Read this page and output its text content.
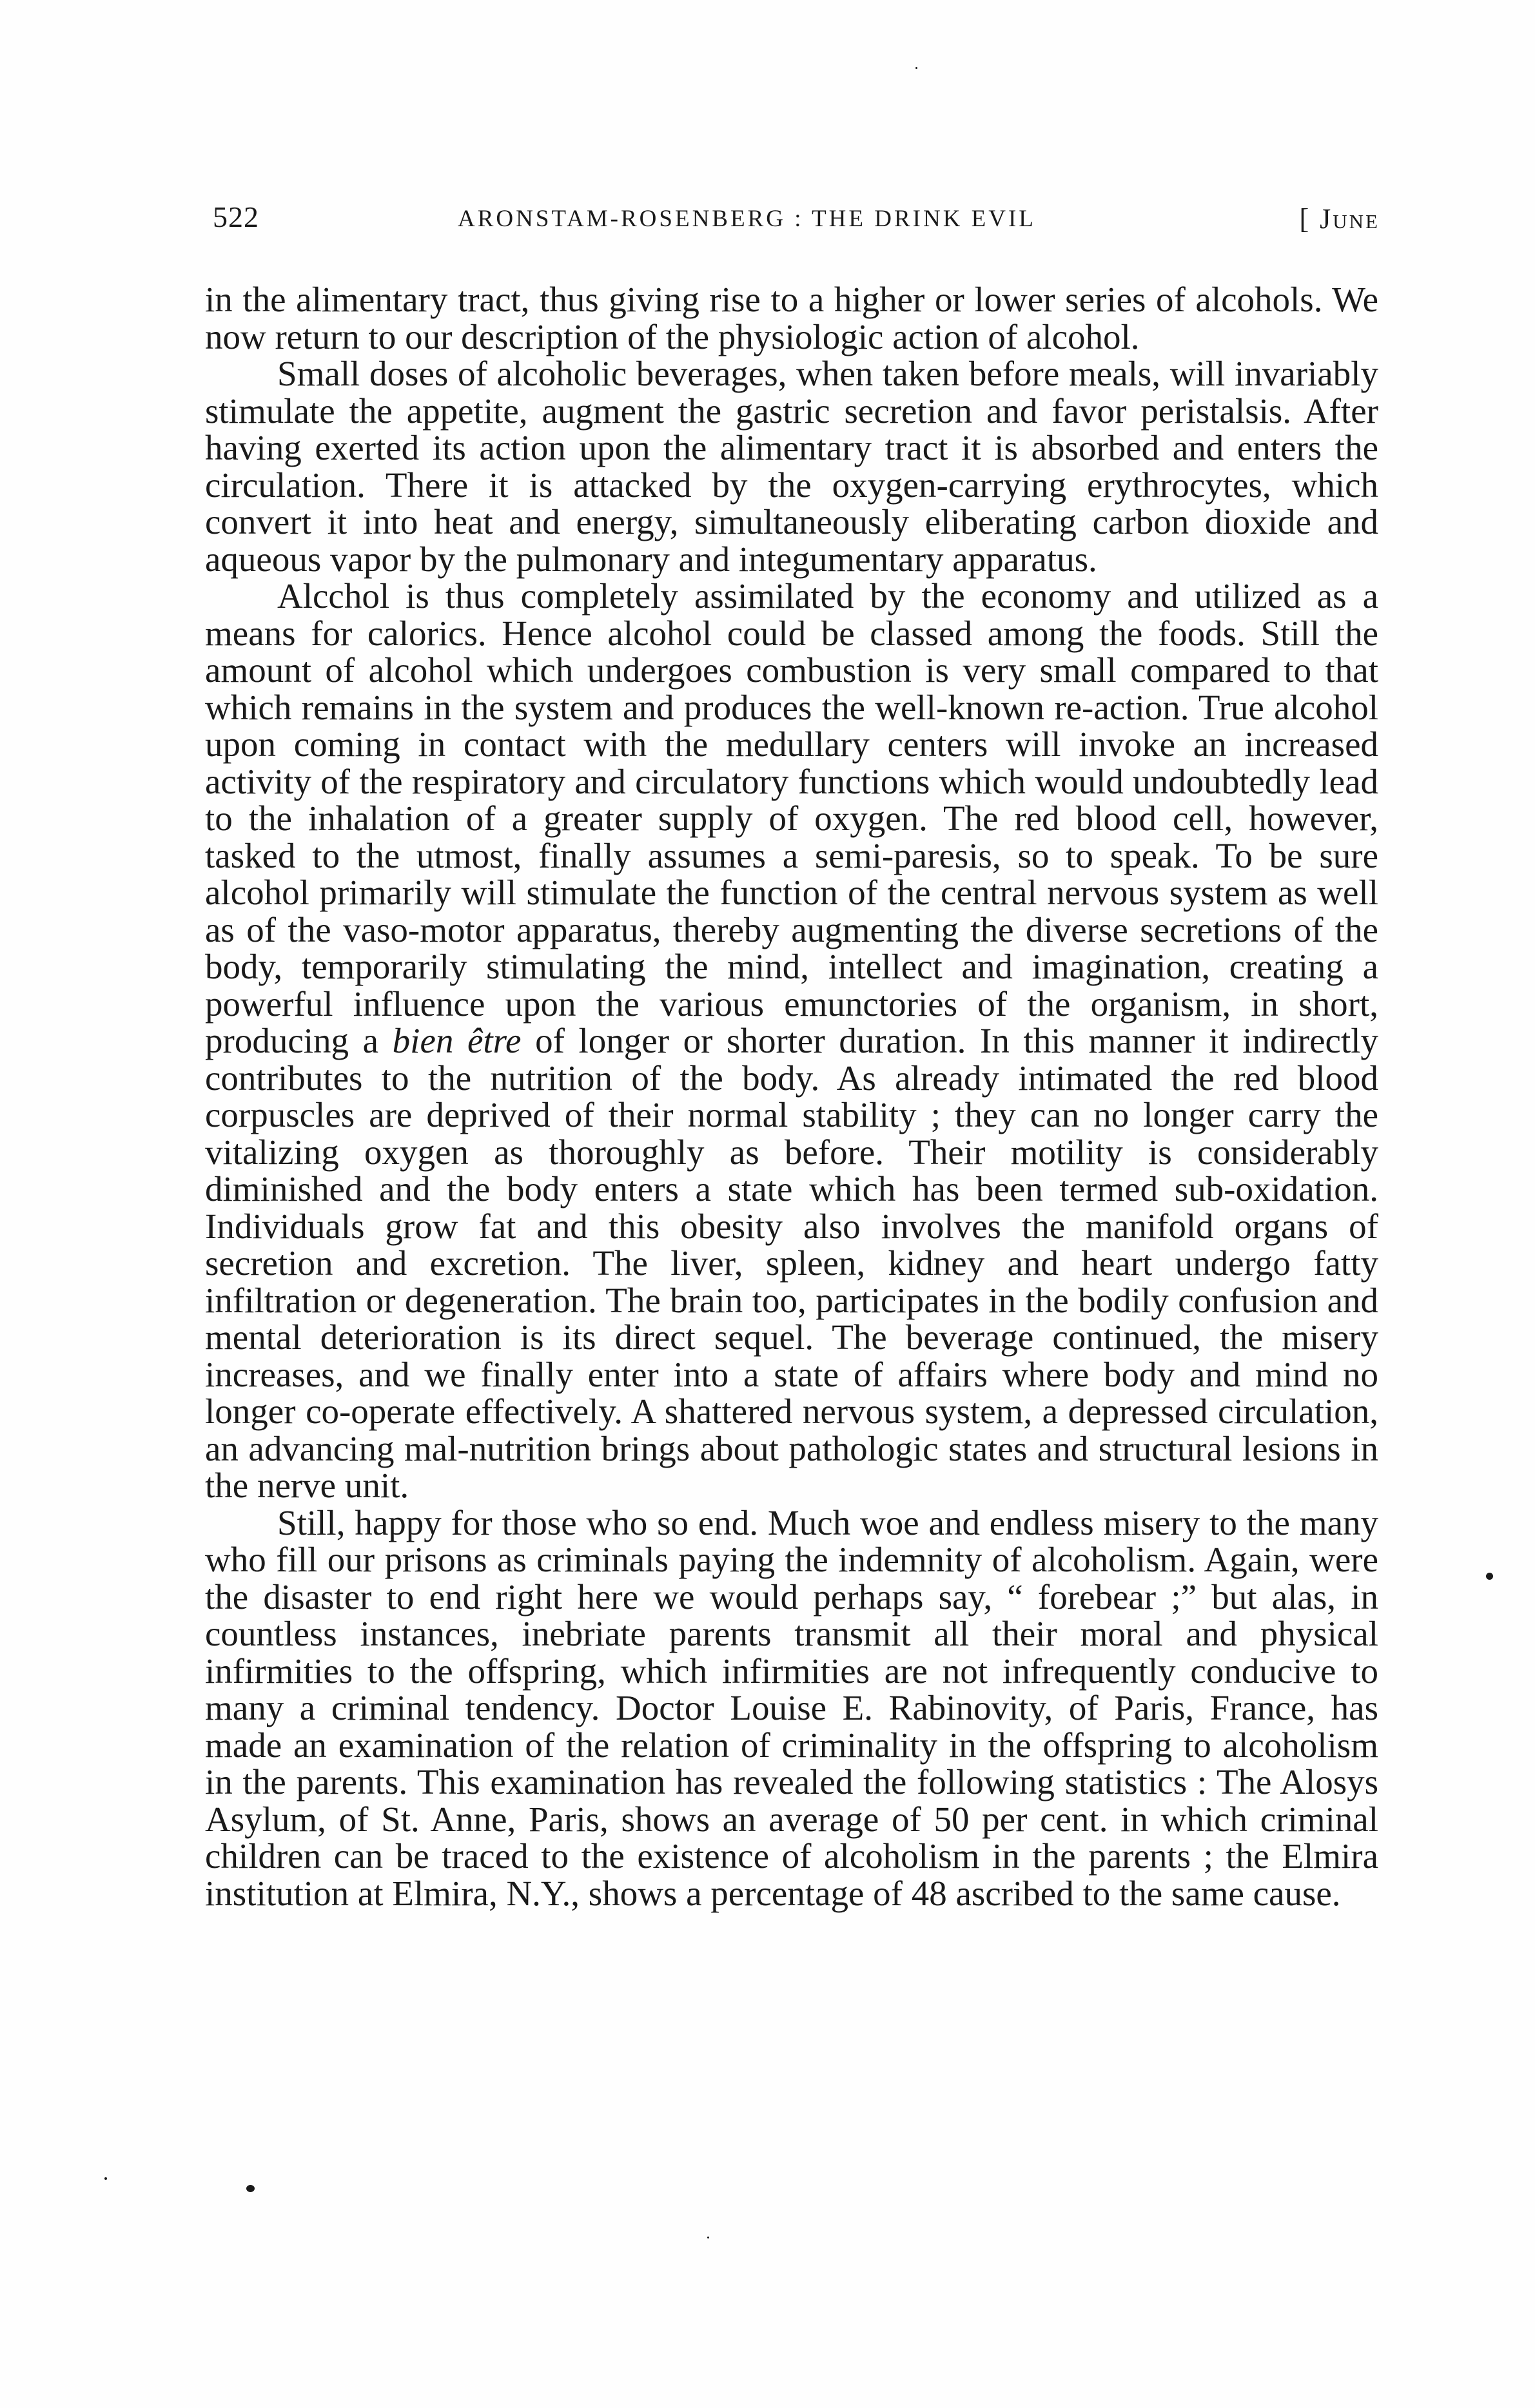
522	ARONSTAM-ROSENBERG : THE DRINK EVIL	[ June

in the alimentary tract, thus giving rise to a higher or lower series of alcohols. We now return to our description of the physiologic action of alcohol.

Small doses of alcoholic beverages, when taken before meals, will invariably stimulate the appetite, augment the gastric secretion and favor peristalsis. After having exerted its action upon the alimentary tract it is absorbed and enters the circulation. There it is attacked by the oxygen-carrying erythrocytes, which convert it into heat and energy, simultaneously eliberating carbon dioxide and aqueous vapor by the pulmonary and integumentary apparatus.

Alcchol is thus completely assimilated by the economy and utilized as a means for calorics. Hence alcohol could be classed among the foods. Still the amount of alcohol which undergoes combustion is very small compared to that which remains in the system and produces the well-known re-action. True alcohol upon coming in contact with the medullary centers will invoke an increased activity of the respiratory and circulatory functions which would undoubtedly lead to the inhalation of a greater supply of oxygen. The red blood cell, however, tasked to the utmost, finally assumes a semi-paresis, so to speak. To be sure alcohol primarily will stimulate the function of the central nervous system as well as of the vaso-motor apparatus, thereby augmenting the diverse secretions of the body, temporarily stimulating the mind, intellect and imagination, creating a powerful influence upon the various emunctories of the organism, in short, producing a bien être of longer or shorter duration. In this manner it indirectly contributes to the nutrition of the body. As already intimated the red blood corpuscles are deprived of their normal stability ; they can no longer carry the vitalizing oxygen as thoroughly as before. Their motility is considerably diminished and the body enters a state which has been termed sub-oxidation. Individuals grow fat and this obesity also involves the manifold organs of secretion and excretion. The liver, spleen, kidney and heart undergo fatty infiltration or degeneration. The brain too, participates in the bodily confusion and mental deterioration is its direct sequel. The beverage continued, the misery increases, and we finally enter into a state of affairs where body and mind no longer co-operate effectively. A shattered nervous system, a depressed circulation, an advancing mal-nutrition brings about pathologic states and structural lesions in the nerve unit.

Still, happy for those who so end. Much woe and endless misery to the many who fill our prisons as criminals paying the indemnity of alcoholism. Again, were the disaster to end right here we would perhaps say, “ forebear ;” but alas, in countless instances, inebriate parents transmit all their moral and physical infirmities to the offspring, which infirmities are not infrequently conducive to many a criminal tendency. Doctor Louise E. Rabinovity, of Paris, France, has made an examination of the relation of criminality in the offspring to alcoholism in the parents. This examination has revealed the following statistics : The Alosys Asylum, of St. Anne, Paris, shows an average of 50 per cent. in which criminal children can be traced to the existence of alcoholism in the parents ; the Elmira institution at Elmira, N.Y., shows a percentage of 48 ascribed to the same cause.
